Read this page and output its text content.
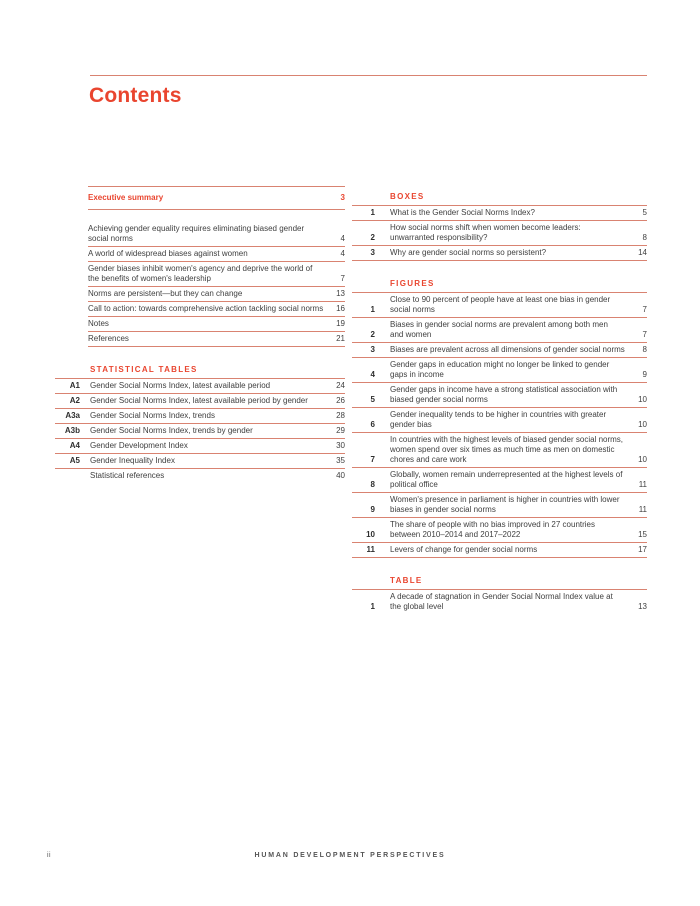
Contents
Executive summary	3
Achieving gender equality requires eliminating biased gender
social norms	4
A world of widespread biases against women	4
Gender biases inhibit women's agency and deprive the world of
the benefits of women's leadership	7
Norms are persistent—but they can change	13
Call to action: towards comprehensive action tackling social norms	16
Notes	19
References	21
STATISTICAL TABLES
A1 Gender Social Norms Index, latest available period	24
A2 Gender Social Norms Index, latest available period by gender	26
A3a Gender Social Norms Index, trends	28
A3b Gender Social Norms Index, trends by gender	29
A4 Gender Development Index	30
A5 Gender Inequality Index	35
Statistical references	40
BOXES
1 What is the Gender Social Norms Index?	5
2
How social norms shift when women become leaders:
unwarranted responsibility?	8
3 Why are gender social norms so persistent?	14
FIGURES
1
Close to 90 percent of people have at least one bias in gender
social norms	7
2
Biases in gender social norms are prevalent among both men
and women	7
3 Biases are prevalent across all dimensions of gender social norms	8
4
Gender gaps in education might no longer be linked to gender
gaps in income	9
5
Gender gaps in income have a strong statistical association with
biased gender social norms	10
6
Gender inequality tends to be higher in countries with greater
gender bias	10
7
In countries with the highest levels of biased gender social norms,
women spend over six times as much time as men on domestic
chores and care work	10
8
Globally, women remain underrepresented at the highest levels of
political office	11
9
Women's presence in parliament is higher in countries with lower
biases in gender social norms	11
10
The share of people with no bias improved in 27 countries
between 2010–2014 and 2017–2022	15
11 Levers of change for gender social norms	17
TABLE
1
A decade of stagnation in Gender Social Normal Index value at
the global level	13
ii	HUMAN DEVELOPMENT PERSPECTIVES
